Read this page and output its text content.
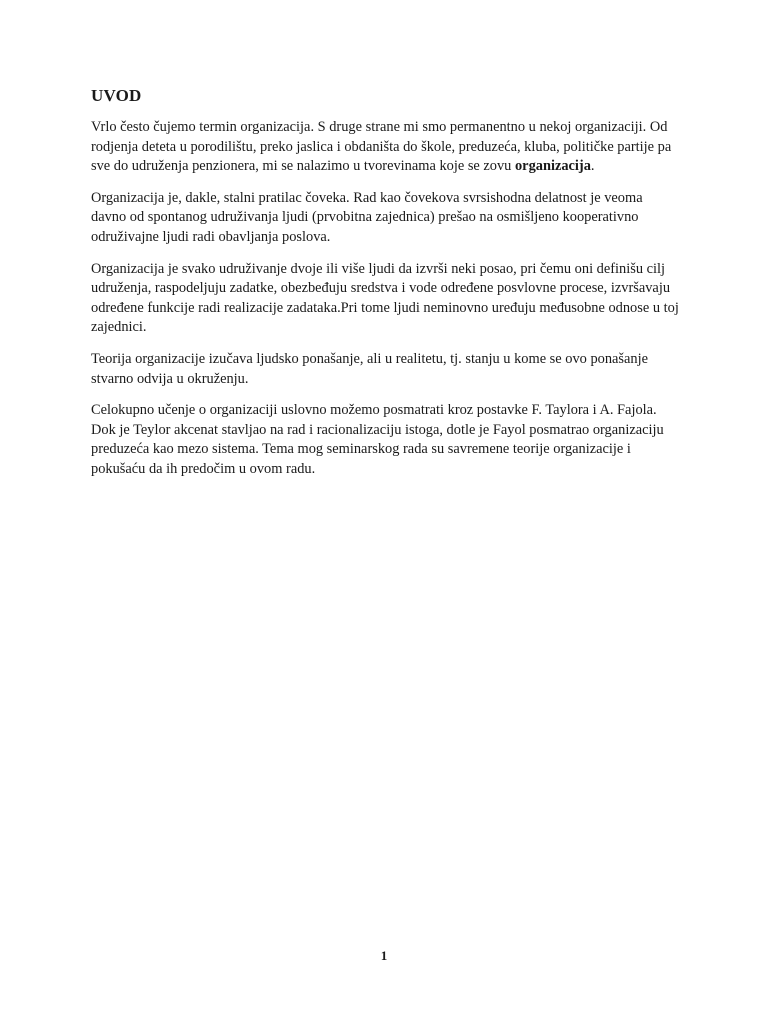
UVOD

Vrlo često čujemo termin organizacija. S druge strane mi smo permanentno u nekoj organizaciji. Od rodjenja deteta u porodilištu, preko jaslica i obdaništa do škole, preduzeća, kluba, političke partije pa sve do udruženja penzionera, mi se nalazimo u tvorevinama koje se zovu organizacija.

Organizacija je, dakle, stalni pratilac čoveka. Rad kao čovekova svrsishodna delatnost je veoma davno od spontanog udruživanja ljudi (prvobitna zajednica) prešao na osmišljeno kooperativno odruživajne ljudi radi obavljanja poslova.

Organizacija je svako udruživanje dvoje ili više ljudi da izvrši neki posao, pri čemu oni definišu cilj udruženja, raspodeljuju zadatke, obezbeđuju sredstva i vode određene posvlovne procese, izvršavaju određene funkcije radi realizacije zadataka.Pri tome ljudi neminovno uređuju međusobne odnose u toj zajednici.

Teorija organizacije izučava ljudsko ponašanje, ali u realitetu, tj. stanju u kome se ovo ponašanje stvarno odvija u okruženju.

Celokupno učenje o organizaciji uslovno možemo posmatrati kroz postavke F. Taylora i A. Fajola. Dok je Teylor akcenat stavljao na rad i racionalizaciju istoga, dotle je Fayol posmatrao organizaciju preduzeća kao mezo sistema. Tema mog seminarskog rada su savremene teorije organizacije i pokušaću da ih predočim u ovom radu.

1
